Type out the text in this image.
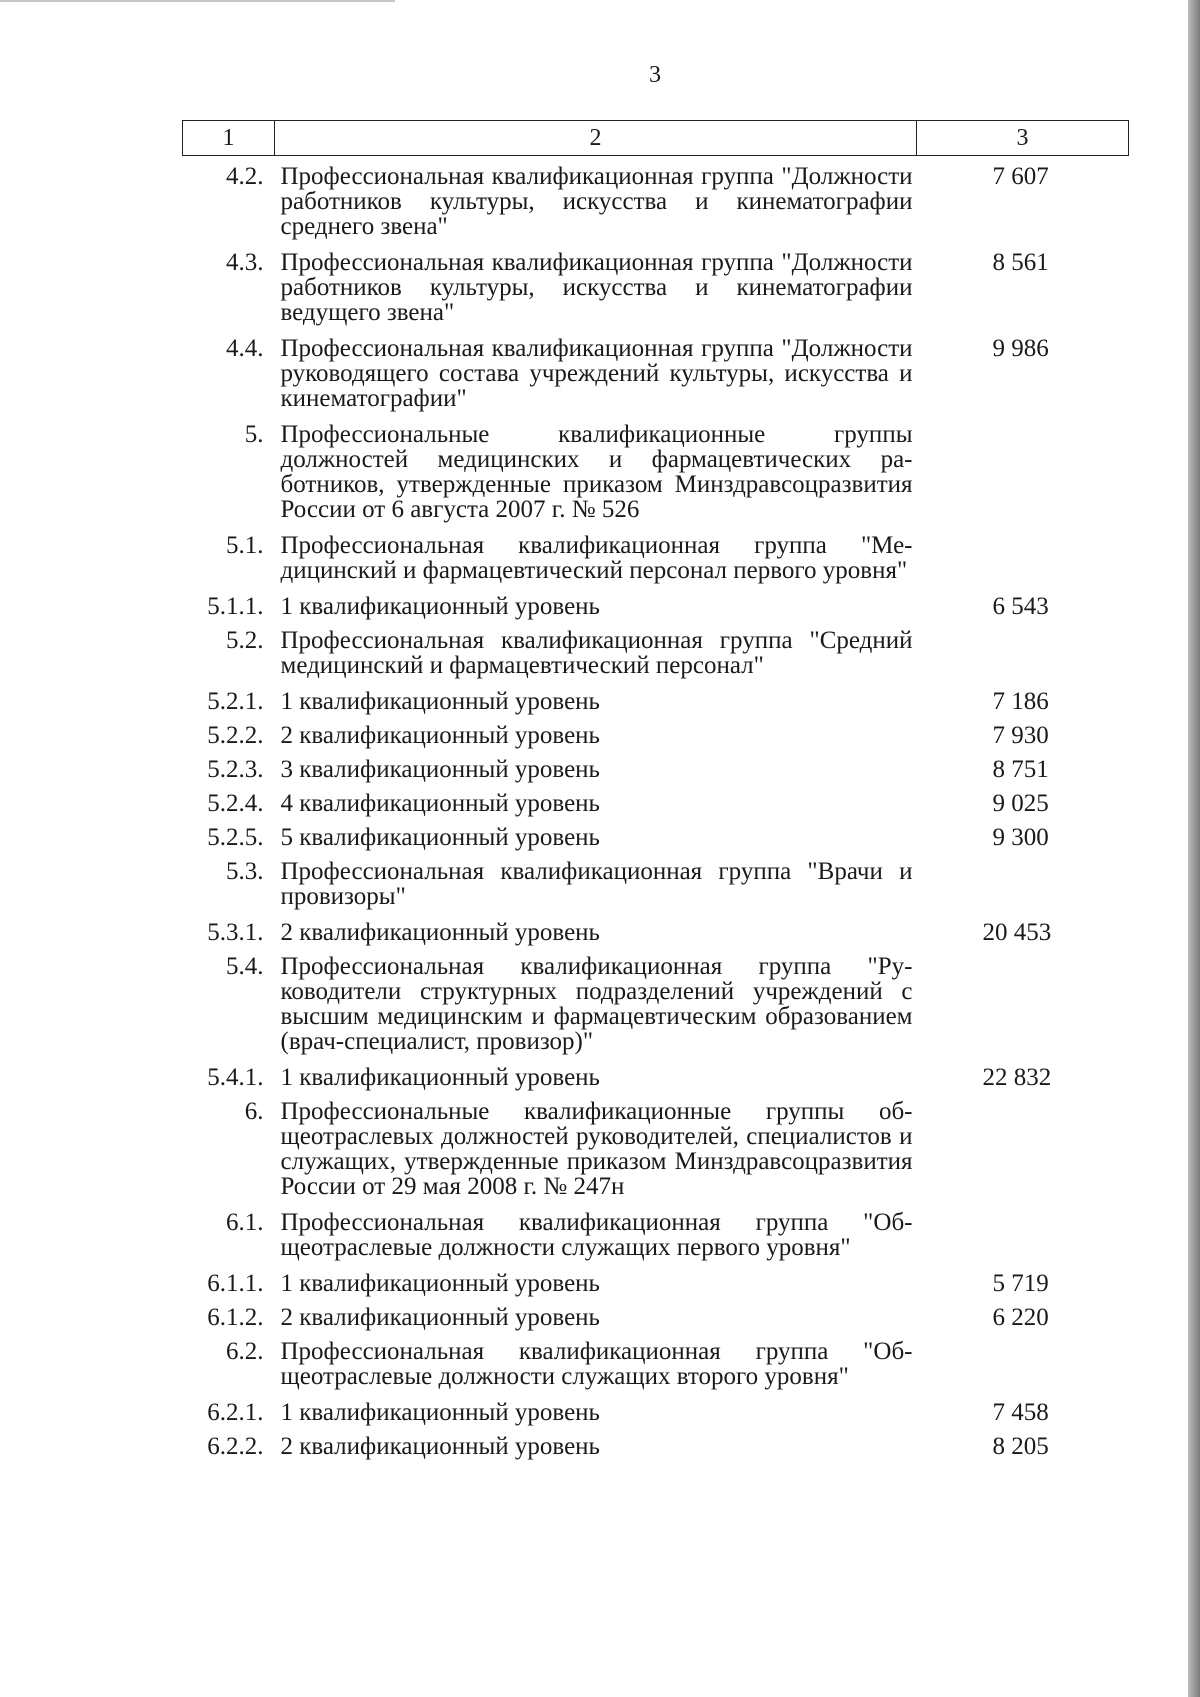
3
1	2	3
4.2.	Профессиональная квалификационная группа "Должности работников культуры, искусства и кинематографии среднего звена"	7 607
4.3.	Профессиональная квалификационная группа "Должности работников культуры, искусства и кинематографии ведущего звена"	8 561
4.4.	Профессиональная квалификационная группа "Должности руководящего состава учреждений культуры, искусства и кинематографии"	9 986
5.	Профессиональные квалификационные группы должностей медицинских и фармацевтических работников, утвержденные приказом Минздравсоцразвития России от 6 августа 2007 г. № 526	
5.1.	Профессиональная квалификационная группа "Медицинский и фармацевтический персонал первого уровня"	
5.1.1.	1 квалификационный уровень	6 543
5.2.	Профессиональная квалификационная группа "Средний медицинский и фармацевтический персонал"	
5.2.1.	1 квалификационный уровень	7 186
5.2.2.	2 квалификационный уровень	7 930
5.2.3.	3 квалификационный уровень	8 751
5.2.4.	4 квалификационный уровень	9 025
5.2.5.	5 квалификационный уровень	9 300
5.3.	Профессиональная квалификационная группа "Врачи и провизоры"	
5.3.1.	2 квалификационный уровень	20 453
5.4.	Профессиональная квалификационная группа "Руководители структурных подразделений учреждений с высшим медицинским и фармацевтическим образованием (врач-специалист, провизор)"	
5.4.1.	1 квалификационный уровень	22 832
6.	Профессиональные квалификационные группы общеотраслевых должностей руководителей, специалистов и служащих, утвержденные приказом Минздравсоцразвития России от 29 мая 2008 г. № 247н	
6.1.	Профессиональная квалификационная группа "Общеотраслевые должности служащих первого уровня"	
6.1.1.	1 квалификационный уровень	5 719
6.1.2.	2 квалификационный уровень	6 220
6.2.	Профессиональная квалификационная группа "Общеотраслевые должности служащих второго уровня"	
6.2.1.	1 квалификационный уровень	7 458
6.2.2.	2 квалификационный уровень	8 205
